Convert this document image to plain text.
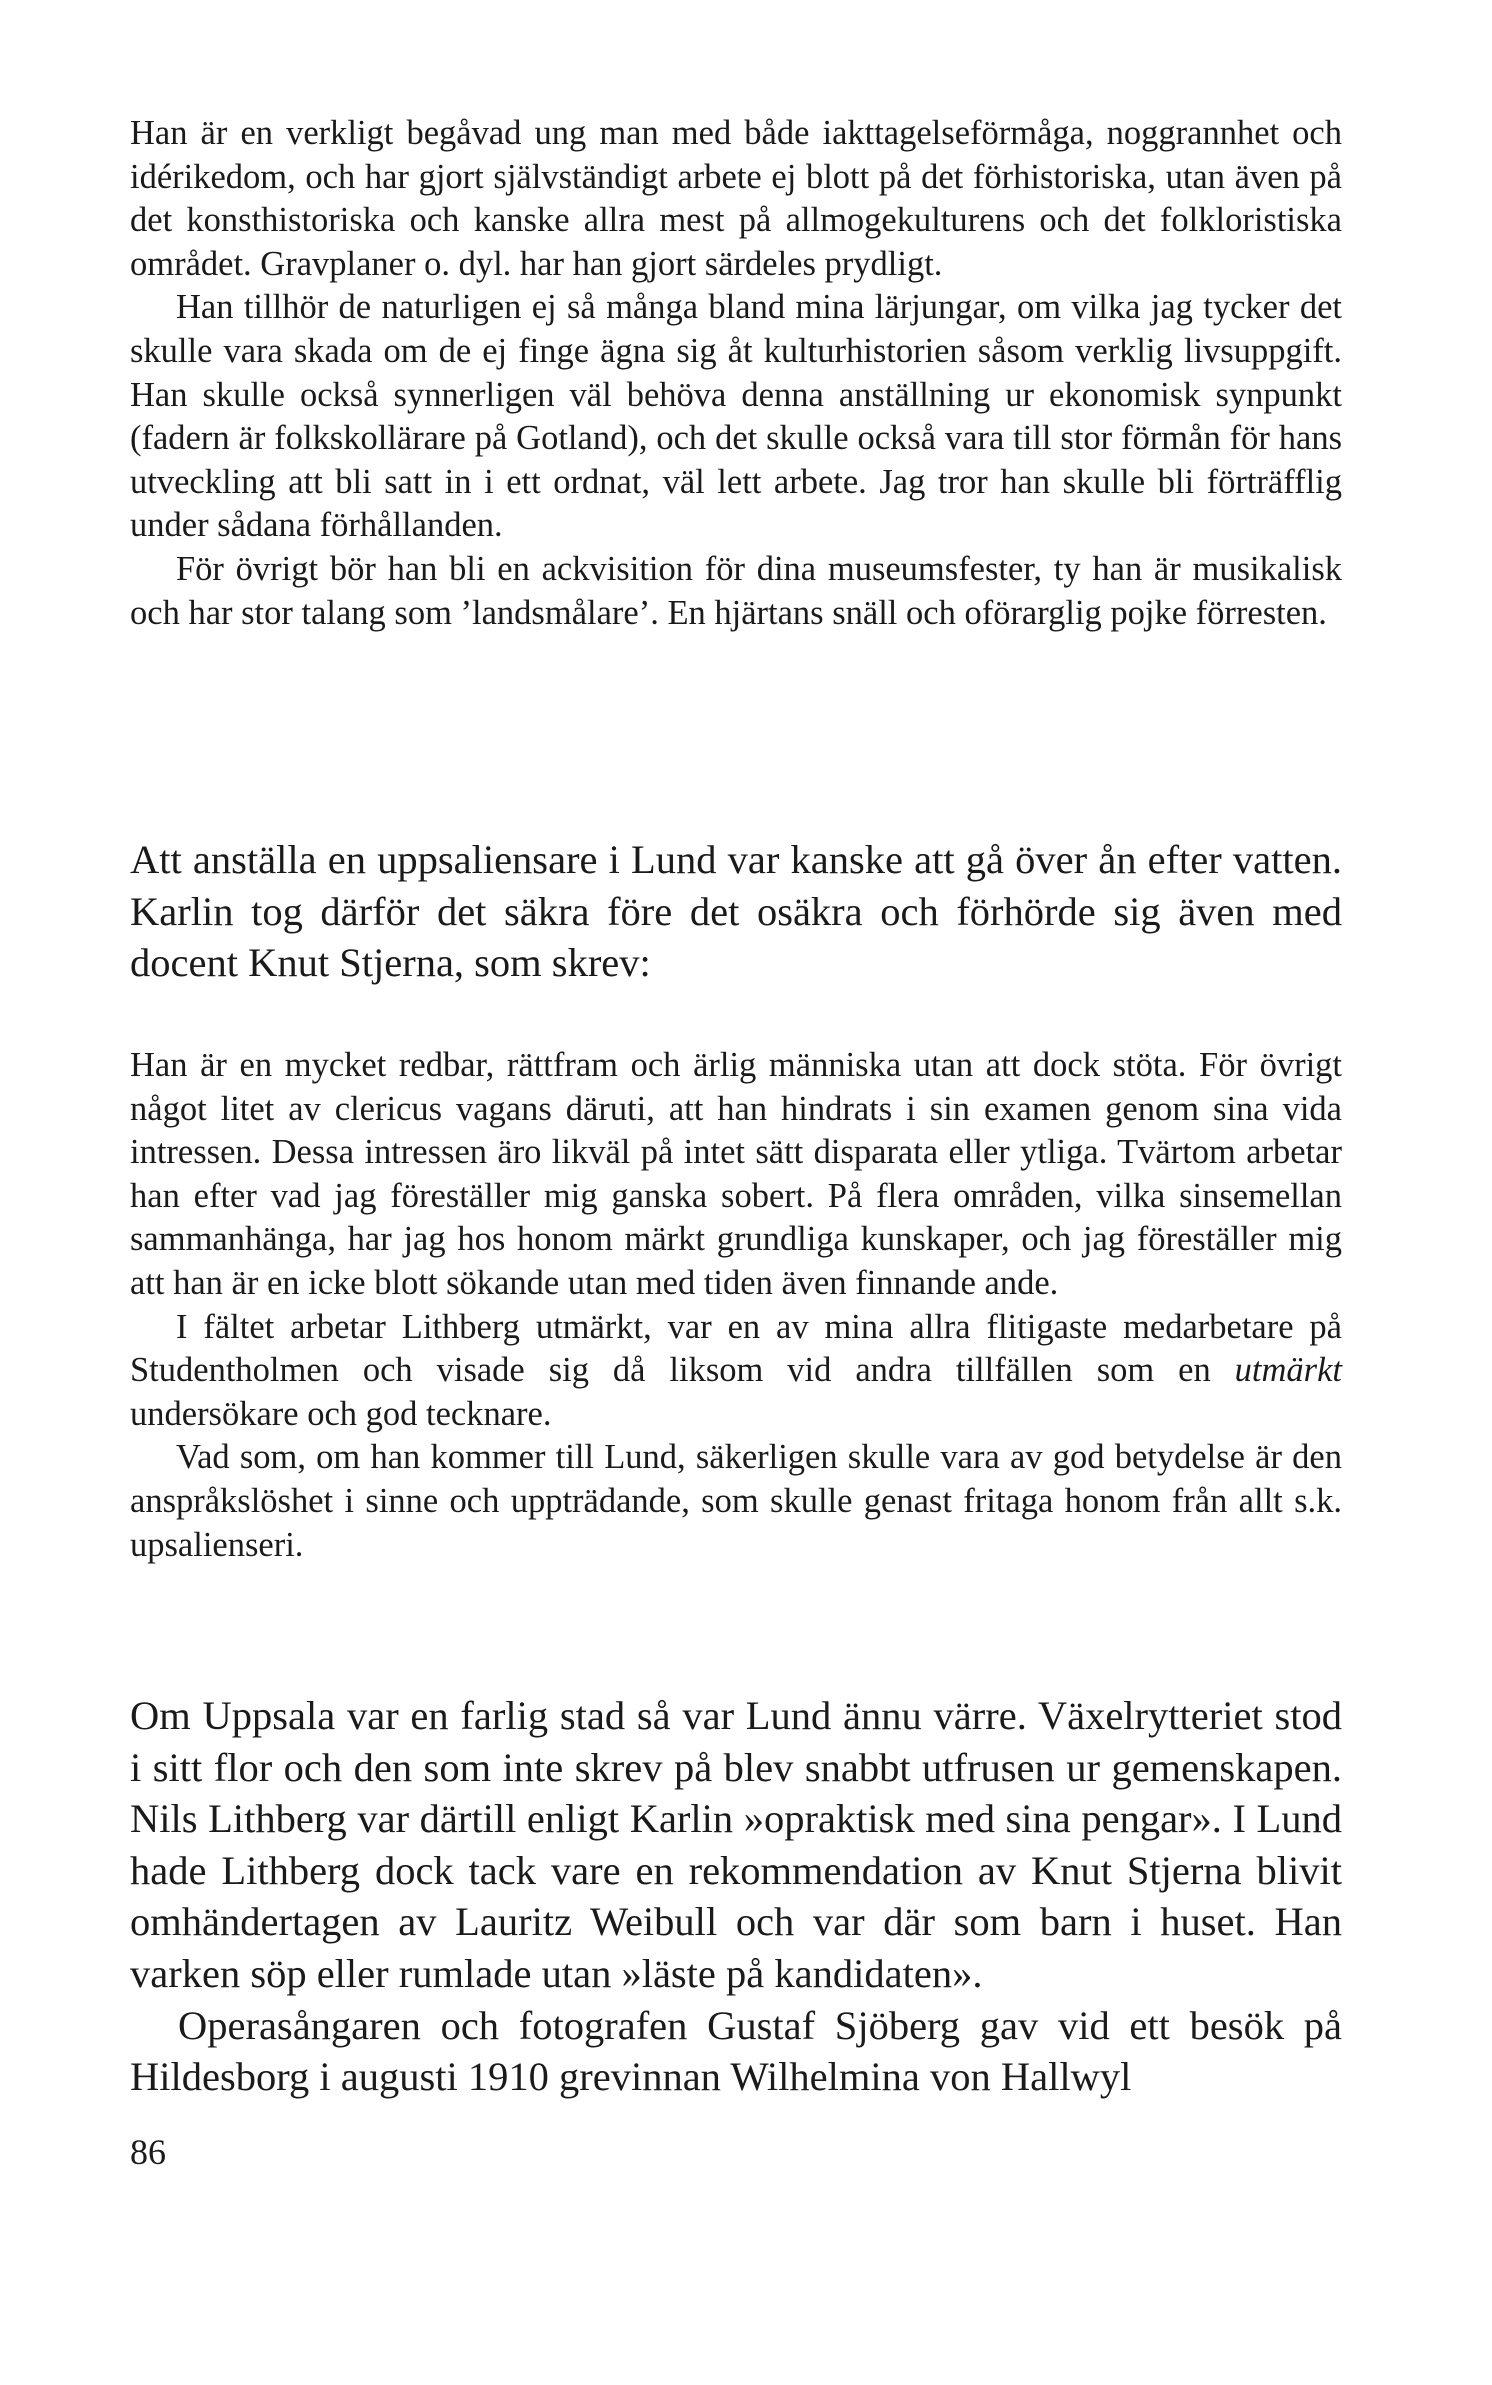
Han är en verkligt begåvad ung man med både iakttagelseförmåga, noggrannhet och idérikedom, och har gjort självständigt arbete ej blott på det förhistoriska, utan även på det konsthistoriska och kanske allra mest på allmogekulturens och det folkloristiska området. Gravplaner o. dyl. har han gjort särdeles prydligt.

Han tillhör de naturligen ej så många bland mina lärjungar, om vilka jag tycker det skulle vara skada om de ej finge ägna sig åt kulturhistorien såsom verklig livsuppgift. Han skulle också synnerligen väl behöva denna anställning ur ekonomisk synpunkt (fadern är folkskollärare på Gotland), och det skulle också vara till stor förmån för hans utveckling att bli satt in i ett ordnat, väl lett arbete. Jag tror han skulle bli förträfflig under sådana förhållanden.

För övrigt bör han bli en ackvisition för dina museumsfester, ty han är musikalisk och har stor talang som ’landsmålare’. En hjärtans snäll och oförarglig pojke förresten.

Att anställa en uppsaliensare i Lund var kanske att gå över ån efter vatten. Karlin tog därför det säkra före det osäkra och förhörde sig även med docent Knut Stjerna, som skrev:

Han är en mycket redbar, rättfram och ärlig människa utan att dock stöta. För övrigt något litet av clericus vagans däruti, att han hindrats i sin examen genom sina vida intressen. Dessa intressen äro likväl på intet sätt disparata eller ytliga. Tvärtom arbetar han efter vad jag föreställer mig ganska sobert. På flera områden, vilka sinsemellan sammanhänga, har jag hos honom märkt grundliga kunskaper, och jag föreställer mig att han är en icke blott sökande utan med tiden även finnande ande.

I fältet arbetar Lithberg utmärkt, var en av mina allra flitigaste medarbetare på Studentholmen och visade sig då liksom vid andra tillfällen som en utmärkt undersökare och god tecknare.

Vad som, om han kommer till Lund, säkerligen skulle vara av god betydelse är den anspråkslöshet i sinne och uppträdande, som skulle genast fritaga honom från allt s.k. upsalienseri.

Om Uppsala var en farlig stad så var Lund ännu värre. Växelrytteriet stod i sitt flor och den som inte skrev på blev snabbt utfrusen ur gemenskapen. Nils Lithberg var därtill enligt Karlin »opraktisk med sina pengar». I Lund hade Lithberg dock tack vare en rekommendation av Knut Stjerna blivit omhändertagen av Lauritz Weibull och var där som barn i huset. Han varken söp eller rumlade utan »läste på kandidaten».

Operasångaren och fotografen Gustaf Sjöberg gav vid ett besök på Hildesborg i augusti 1910 grevinnan Wilhelmina von Hallwyl

86
